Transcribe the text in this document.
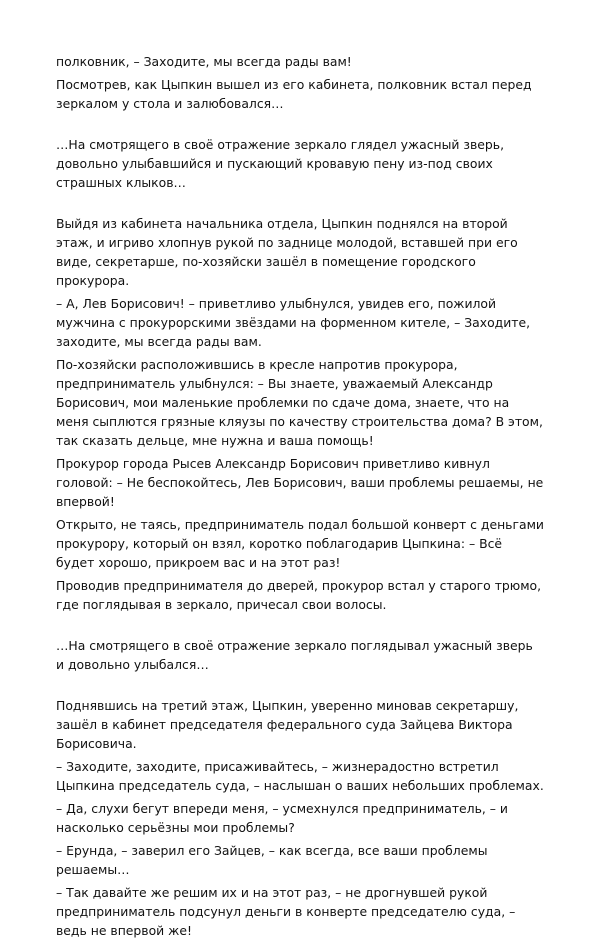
полковник, – Заходите, мы всегда рады вам!

Посмотрев, как Цыпкин вышел из его кабинета, полковник встал перед зеркалом у стола и залюбовался…

…На смотрящего в своё отражение зеркало глядел ужасный зверь, довольно улыбавшийся и пускающий кровавую пену из-под своих страшных клыков…

Выйдя из кабинета начальника отдела, Цыпкин поднялся на второй этаж, и игриво хлопнув рукой по заднице молодой, вставшей при его виде, секретарше, по-хозяйски зашёл в помещение городского прокурора.

– А, Лев Борисович! – приветливо улыбнулся, увидев его, пожилой мужчина с прокурорскими звёздами на форменном кителе, – Заходите, заходите, мы всегда рады вам.

По-хозяйски расположившись в кресле напротив прокурора, предприниматель улыбнулся: – Вы знаете, уважаемый Александр Борисович, мои маленькие проблемки по сдаче дома, знаете, что на меня сыплются грязные кляузы по качеству строительства дома? В этом, так сказать дельце, мне нужна и ваша помощь!

Прокурор города Рысев Александр Борисович приветливо кивнул головой: – Не беспокойтесь, Лев Борисович, ваши проблемы решаемы, не впервой!

Открыто, не таясь, предприниматель подал большой конверт с деньгами прокурору, который он взял, коротко поблагодарив Цыпкина: – Всё будет хорошо, прикроем вас и на этот раз!

Проводив предпринимателя до дверей, прокурор встал у старого трюмо, где поглядывая в зеркало, причесал свои волосы.

…На смотрящего в своё отражение зеркало поглядывал ужасный зверь и довольно улыбался…

Поднявшись на третий этаж, Цыпкин, уверенно миновав секретаршу, зашёл в кабинет председателя федерального суда Зайцева Виктора Борисовича.

– Заходите, заходите, присаживайтесь, – жизнерадостно встретил Цыпкина председатель суда, – наслышан о ваших небольших проблемах.

– Да, слухи бегут впереди меня, – усмехнулся предприниматель, – и насколько серьёзны мои проблемы?

– Ерунда, – заверил его Зайцев, – как всегда, все ваши проблемы решаемы…

– Так давайте же решим их и на этот раз, – не дрогнувшей рукой предприниматель подсунул деньги в конверте председателю суда, – ведь не впервой же!
